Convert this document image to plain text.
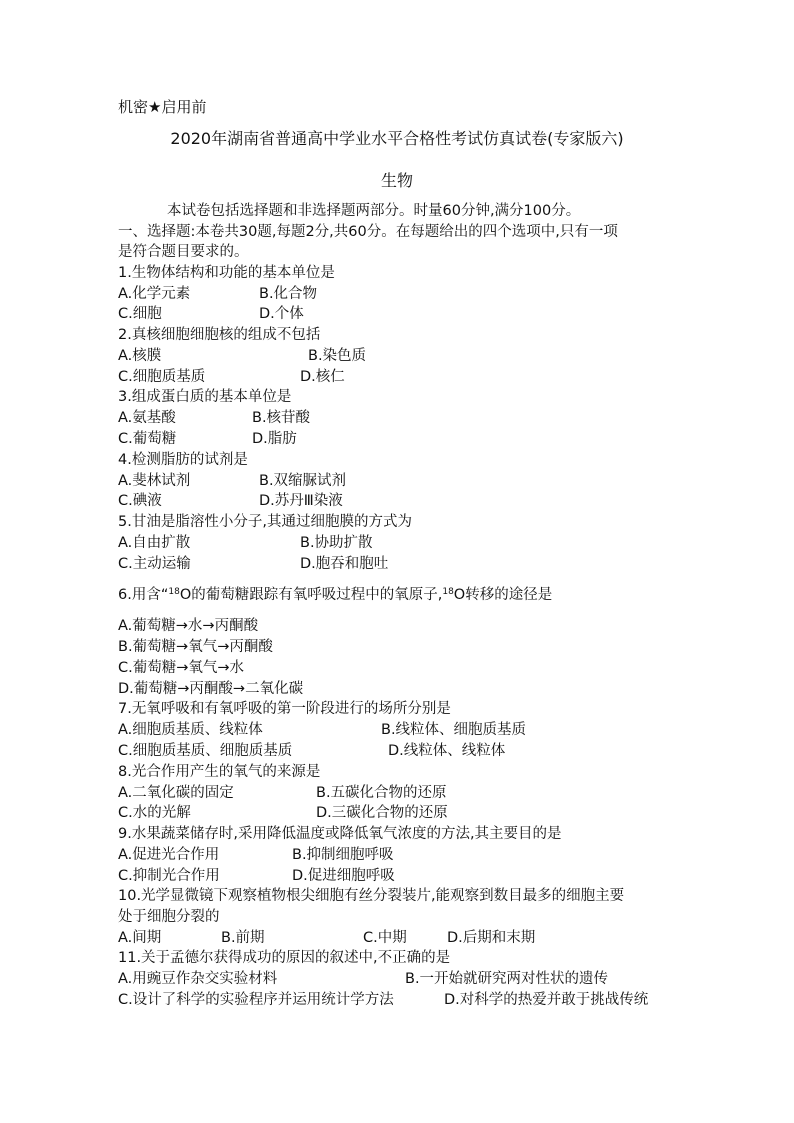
机密★启用前
2020年湖南省普通高中学业水平合格性考试仿真试卷(专家版六)
生物
本试卷包括选择题和非选择题两部分。时量60分钟,满分100分。
一、选择题:本卷共30题,每题2分,共60分。在每题给出的四个选项中,只有一项
是符合题目要求的。
1.生物体结构和功能的基本单位是
A.化学元素	B.化合物
C.细胞	D.个体
2.真核细胞细胞核的组成不包括
A.核膜	B.染色质
C.细胞质基质	D.核仁
3.组成蛋白质的基本单位是
A.氨基酸	B.核苷酸
C.葡萄糖	D.脂肪
4.检测脂肪的试剂是
A.斐林试剂	B.双缩脲试剂
C.碘液	D.苏丹Ⅲ染液
5.甘油是脂溶性小分子,其通过细胞膜的方式为
A.自由扩散	B.协助扩散
C.主动运输	D.胞吞和胞吐
6.用含“$^{18}$O的葡萄糖跟踪有氧呼吸过程中的氧原子,$^{18}$O转移的途径是
A.葡萄糖→水→丙酮酸
B.葡萄糖→氧气→丙酮酸
C.葡萄糖→氧气→水
D.葡萄糖→丙酮酸→二氧化碳
7.无氧呼吸和有氧呼吸的第一阶段进行的场所分别是
A.细胞质基质、线粒体	B.线粒体、细胞质基质
C.细胞质基质、细胞质基质	D.线粒体、线粒体
8.光合作用产生的氧气的来源是
A.二氧化碳的固定	B.五碳化合物的还原
C.水的光解	D.三碳化合物的还原
9.水果蔬菜储存时,采用降低温度或降低氧气浓度的方法,其主要目的是
A.促进光合作用	B.抑制细胞呼吸
C.抑制光合作用	D.促进细胞呼吸
10.光学显微镜下观察植物根尖细胞有丝分裂装片,能观察到数目最多的细胞主要
处于细胞分裂的
A.间期	B.前期	C.中期	D.后期和末期
11.关于孟德尔获得成功的原因的叙述中,不正确的是
A.用豌豆作杂交实验材料	B.一开始就研究两对性状的遗传
C.设计了科学的实验程序并运用统计学方法	D.对科学的热爱并敢于挑战传统
